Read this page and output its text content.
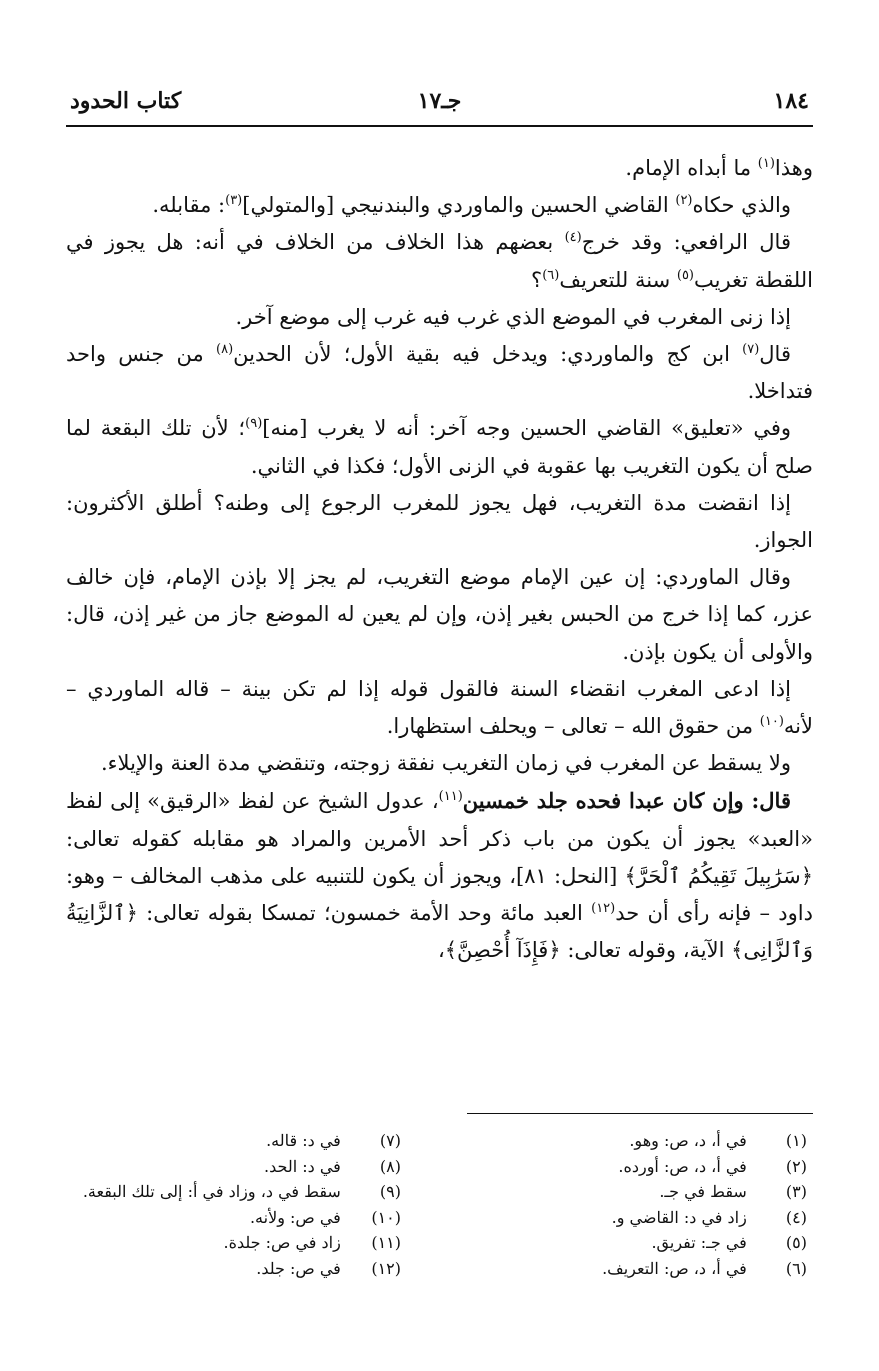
١٨٤
جـ١٧
كتاب الحدود

وهذا$^{(١)}$ ما أبداه الإمام.

والذي حكاه$^{(٢)}$ القاضي الحسين والماوردي والبندنيجي [والمتولي]$^{(٣)}$: مقابله.

قال الرافعي: وقد خرج$^{(٤)}$ بعضهم هذا الخلاف من الخلاف في أنه: هل يجوز في اللقطة تغريب$^{(٥)}$ سنة للتعريف$^{(٦)}$؟

إذا زنى المغرب في الموضع الذي غرب فيه غرب إلى موضع آخر.

قال$^{(٧)}$ ابن كج والماوردي: ويدخل فيه بقية الأول؛ لأن الحدين$^{(٨)}$ من جنس واحد فتداخلا.

وفي «تعليق» القاضي الحسين وجه آخر: أنه لا يغرب [منه]$^{(٩)}$؛ لأن تلك البقعة لما صلح أن يكون التغريب بها عقوبة في الزنى الأول؛ فكذا في الثاني.

إذا انقضت مدة التغريب، فهل يجوز للمغرب الرجوع إلى وطنه؟ أطلق الأكثرون: الجواز.

وقال الماوردي: إن عين الإمام موضع التغريب، لم يجز إلا بإذن الإمام، فإن خالف عزر، كما إذا خرج من الحبس بغير إذن، وإن لم يعين له الموضع جاز من غير إذن، قال: والأولى أن يكون بإذن.

إذا ادعى المغرب انقضاء السنة فالقول قوله إذا لم تكن بينة – قاله الماوردي – لأنه$^{(١٠)}$ من حقوق الله – تعالى – ويحلف استظهارا.

ولا يسقط عن المغرب في زمان التغريب نفقة زوجته، وتنقضي مدة العنة والإيلاء.

قال: وإن كان عبدا فحده جلد خمسين$^{(١١)}$، عدول الشيخ عن لفظ «الرقيق» إلى لفظ «العبد» يجوز أن يكون من باب ذكر أحد الأمرين والمراد هو مقابله كقوله تعالى: ﴿سَرَٰبِيلَ تَقِيكُمُ ٱلْحَرَّ﴾ [النحل: ٨١]، ويجوز أن يكون للتنبيه على مذهب المخالف – وهو: داود – فإنه رأى أن حد$^{(١٢)}$ العبد مائة وحد الأمة خمسون؛ تمسكا بقوله تعالى: ﴿ٱلزَّانِيَةُ وَٱلزَّانِى﴾ الآية، وقوله تعالى: ﴿فَإِذَآ أُحْصِنَّ﴾،

(١)

في أ، د، ص: وهو.
(٢)

في أ، د، ص: أورده.
(٣)

سقط في جـ.
(٤)

زاد في د: القاضي و.
(٥)

في جـ: تفريق.
(٦)

في أ، د، ص: التعريف.
(٧)

في د: قاله.
(٨)

في د: الحد.
(٩)

سقط في د، وزاد في أ: إلى تلك البقعة.
(١٠)

في ص: ولأنه.
(١١)

زاد في ص: جلدة.
(١٢)

في ص: جلد.
